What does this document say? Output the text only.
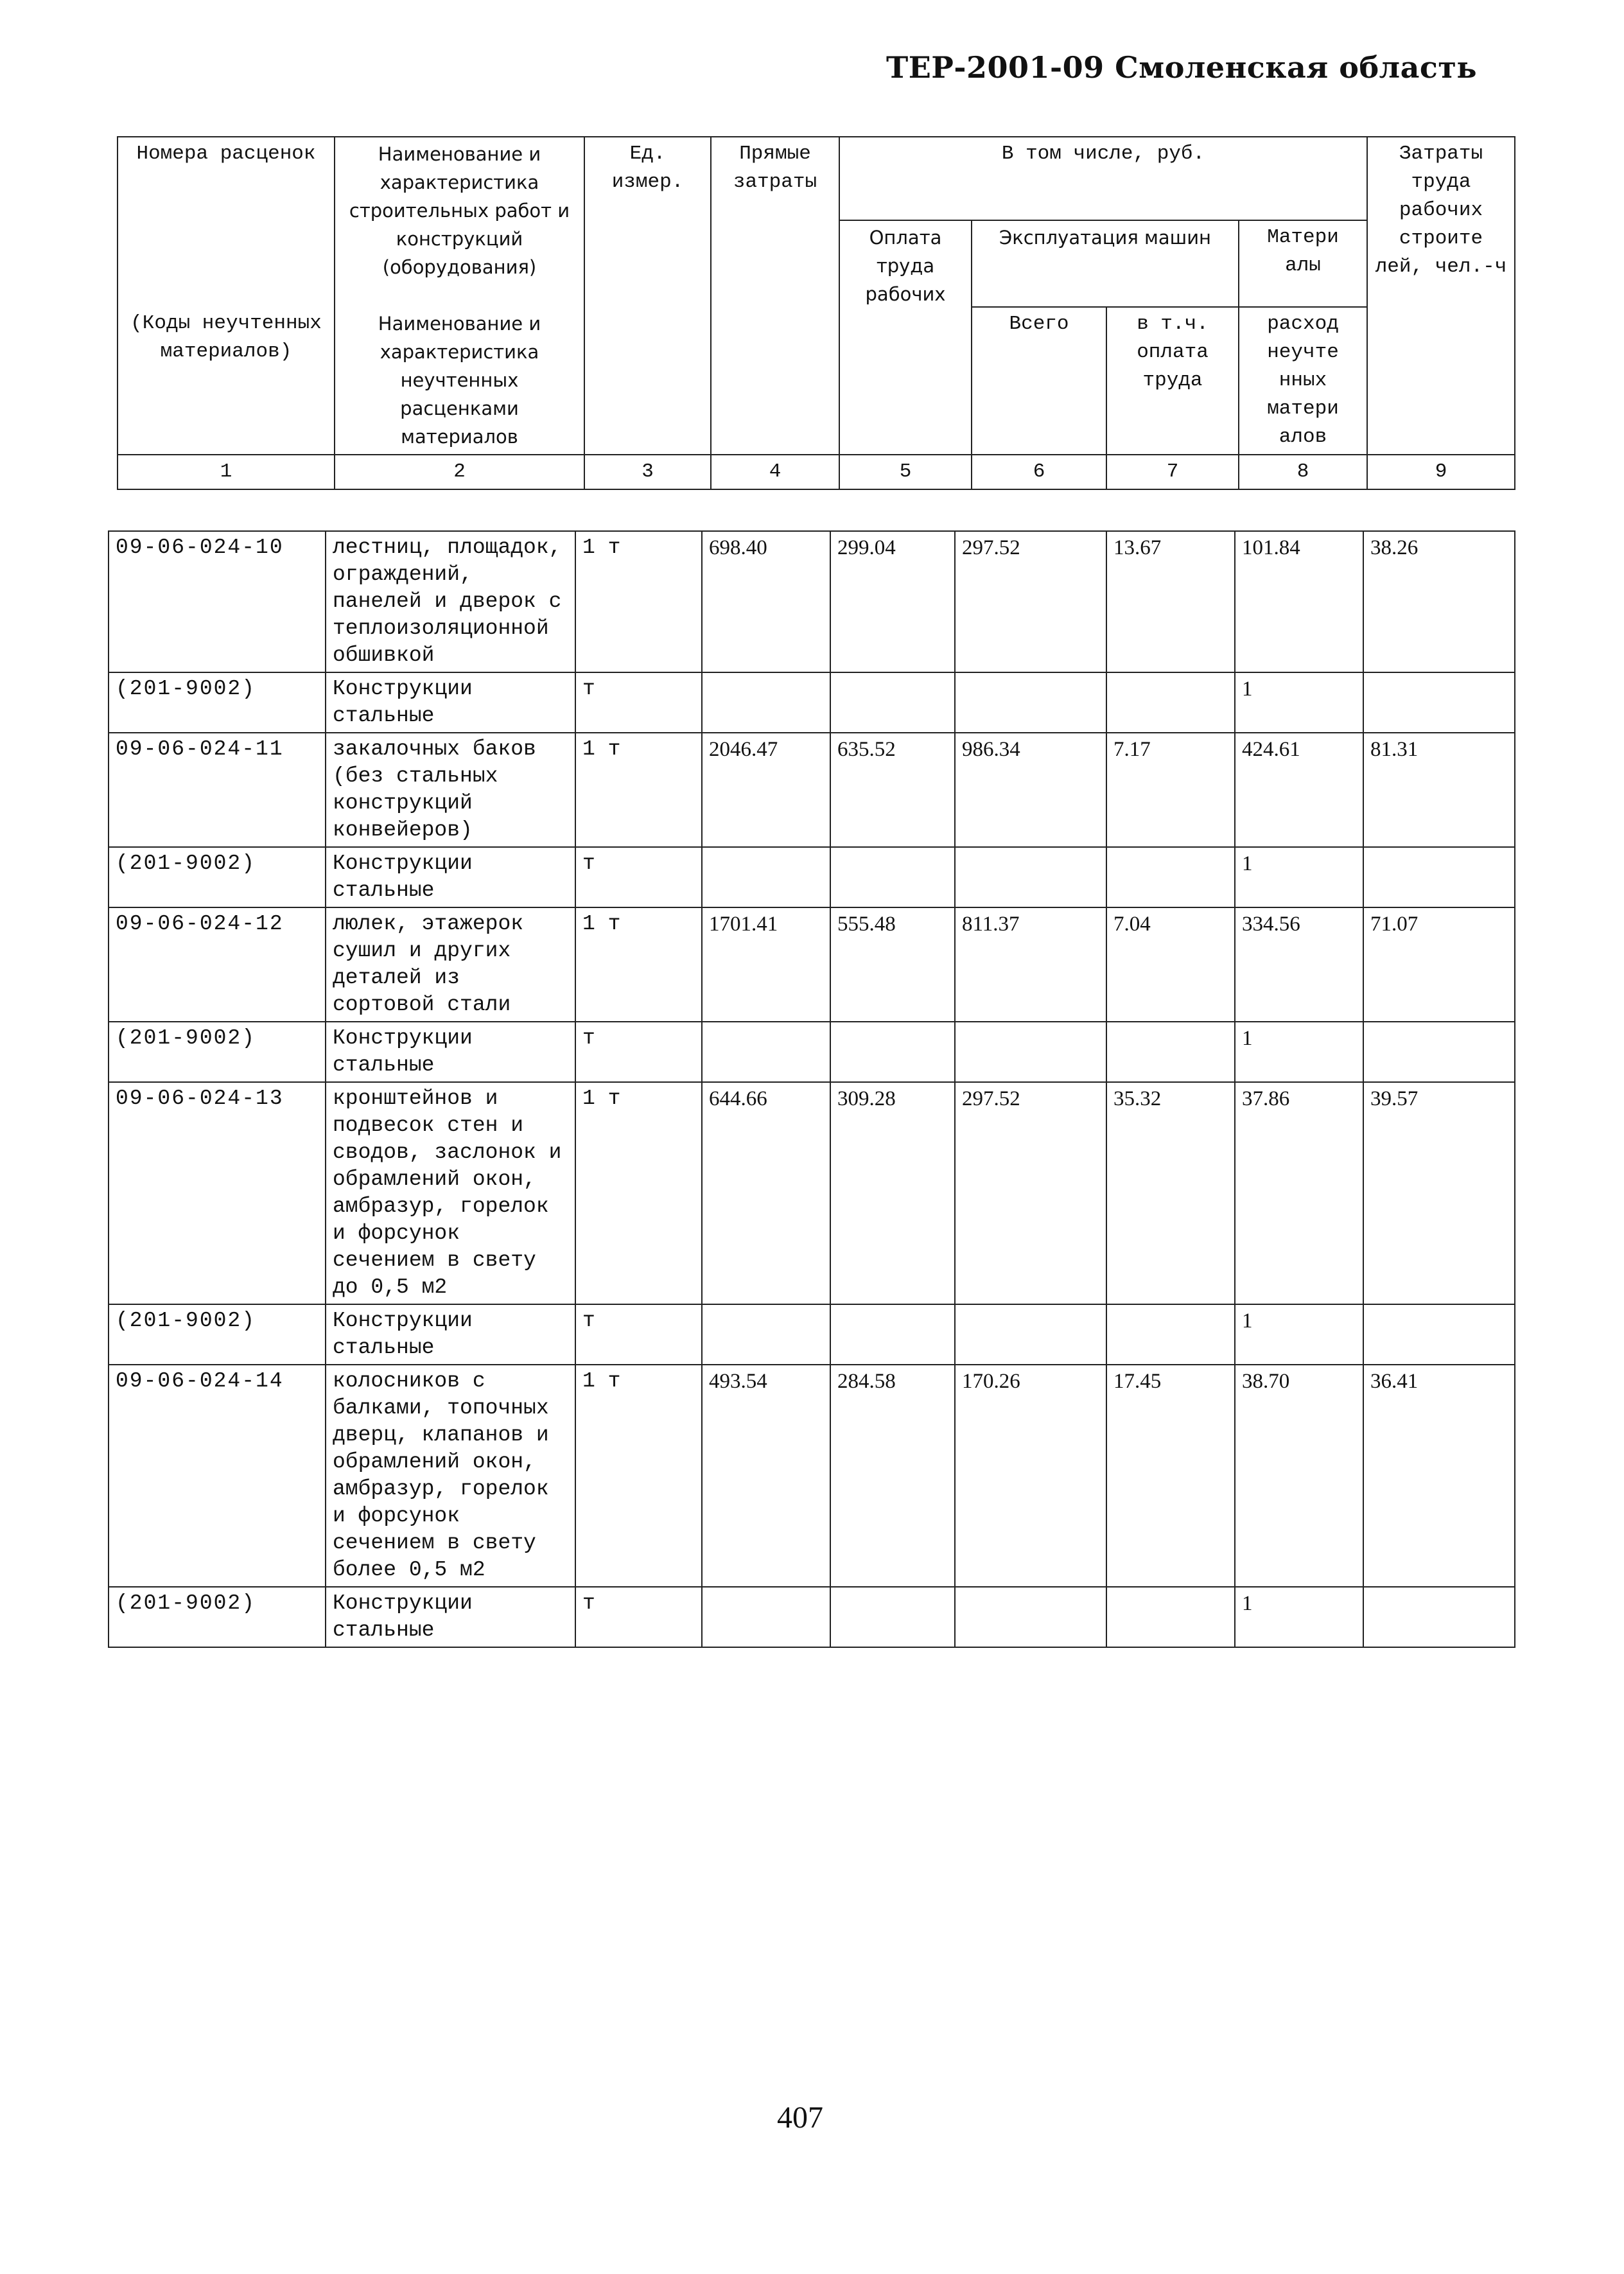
ТЕР-2001-09 Смоленская область
Номера расценок	Наименование и характеристика строительных работ и конструкций (оборудования)	Ед. измер.	Прямые затраты	В том числе, руб.				Затраты труда рабочих строите лей, чел.-ч
				Оплата труда рабочих	Эксплуатация машин		Матери алы	
(Коды неучтенных материалов)	Наименование и характеристика неучтенных расценками материалов				Всего	в т.ч. оплата труда	расход неучте нных матери алов	

1	2	3	4	5	6	7	8	9
09-06-024-10	лестниц, площадок, ограждений, панелей и дверок с теплоизоляционной обшивкой	1 т	698.40	299.04	297.52	13.67	101.84	38.26
(201-9002)	Конструкции стальные	т					1	
09-06-024-11	закалочных баков (без стальных конструкций конвейеров)	1 т	2046.47	635.52	986.34	7.17	424.61	81.31
(201-9002)	Конструкции стальные	т					1	
09-06-024-12	люлек, этажерок сушил и других деталей из сортовой стали	1 т	1701.41	555.48	811.37	7.04	334.56	71.07
(201-9002)	Конструкции стальные	т					1	
09-06-024-13	кронштейнов и подвесок стен и сводов, заслонок и обрамлений окон, амбразур, горелок и форсунок сечением в свету до 0,5 м2	1 т	644.66	309.28	297.52	35.32	37.86	39.57
(201-9002)	Конструкции стальные	т					1	
09-06-024-14	колосников с балками, топочных дверц, клапанов и обрамлений окон, амбразур, горелок и форсунок сечением в свету более 0,5 м2	1 т	493.54	284.58	170.26	17.45	38.70	36.41
(201-9002)	Конструкции стальные	т					1	
407
